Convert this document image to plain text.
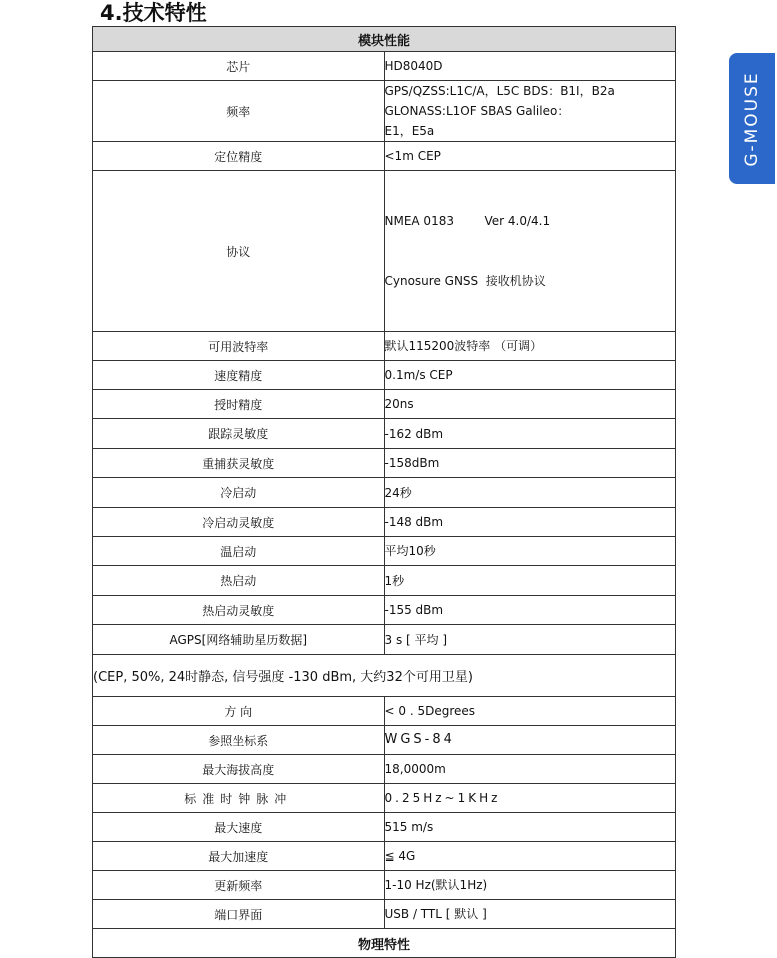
4.技术特性
G-MOUSE
模块性能	
芯片	HD8040D
频率	GPS/QZSS:L1C/A，L5C BDS：B1I，B2a GLONASS:L1OF SBAS Galileo：
E1，E5a

定位精度	<1m CEP
协议	NMEA 0183        Ver 4.0/4.1

Cynosure GNSS  接收机协议

可用波特率	默认115200波特率 （可调）
速度精度	0.1m/s CEP
授时精度	20ns
跟踪灵敏度	-162 dBm
重捕获灵敏度	-158dBm
冷启动	24秒
冷启动灵敏度	-148 dBm
温启动	平均10秒
热启动	1秒
热启动灵敏度	-155 dBm
AGPS[网络辅助星历数据]	3 s [ 平均 ]
(CEP, 50%, 24时静态, 信号强度 -130 dBm, 大约32个可用卫星)	
方 向	< 0 . 5Degrees
参照坐标系	WGS-84
最大海拔高度	18,0000m
标准时钟脉冲	0.25Hz~1KHz
最大速度	515 m/s
最大加速度	≦ 4G
更新频率	1-10 Hz(默认1Hz)
端口界面	USB / TTL [ 默认 ]
物理特性	
